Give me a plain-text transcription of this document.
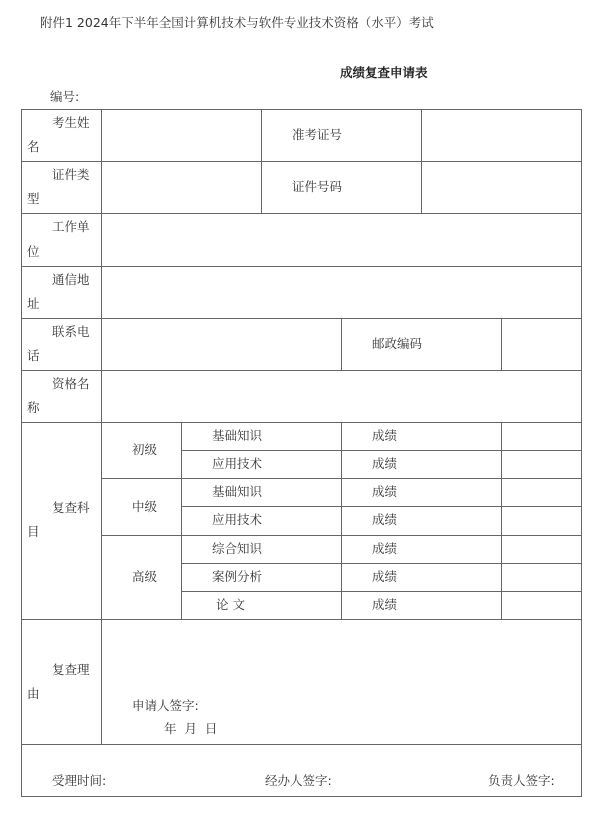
附件1 2024年下半年全国计算机技术与软件专业技术资格（水平）考试
成绩复查申请表
编号:
考生姓
名
准考证号
证件类
型
证件号码
工作单
位
通信地
址
联系电
话
邮政编码
资格名
称
复查科
目
初级
中级
高级
基础知识
应用技术
基础知识
应用技术
综合知识
案例分析
论 文
成绩
成绩
成绩
成绩
成绩
成绩
成绩
复查理
由
申请人签字:
年  月  日
受理时间:	经办人签字:	负责人签字:
